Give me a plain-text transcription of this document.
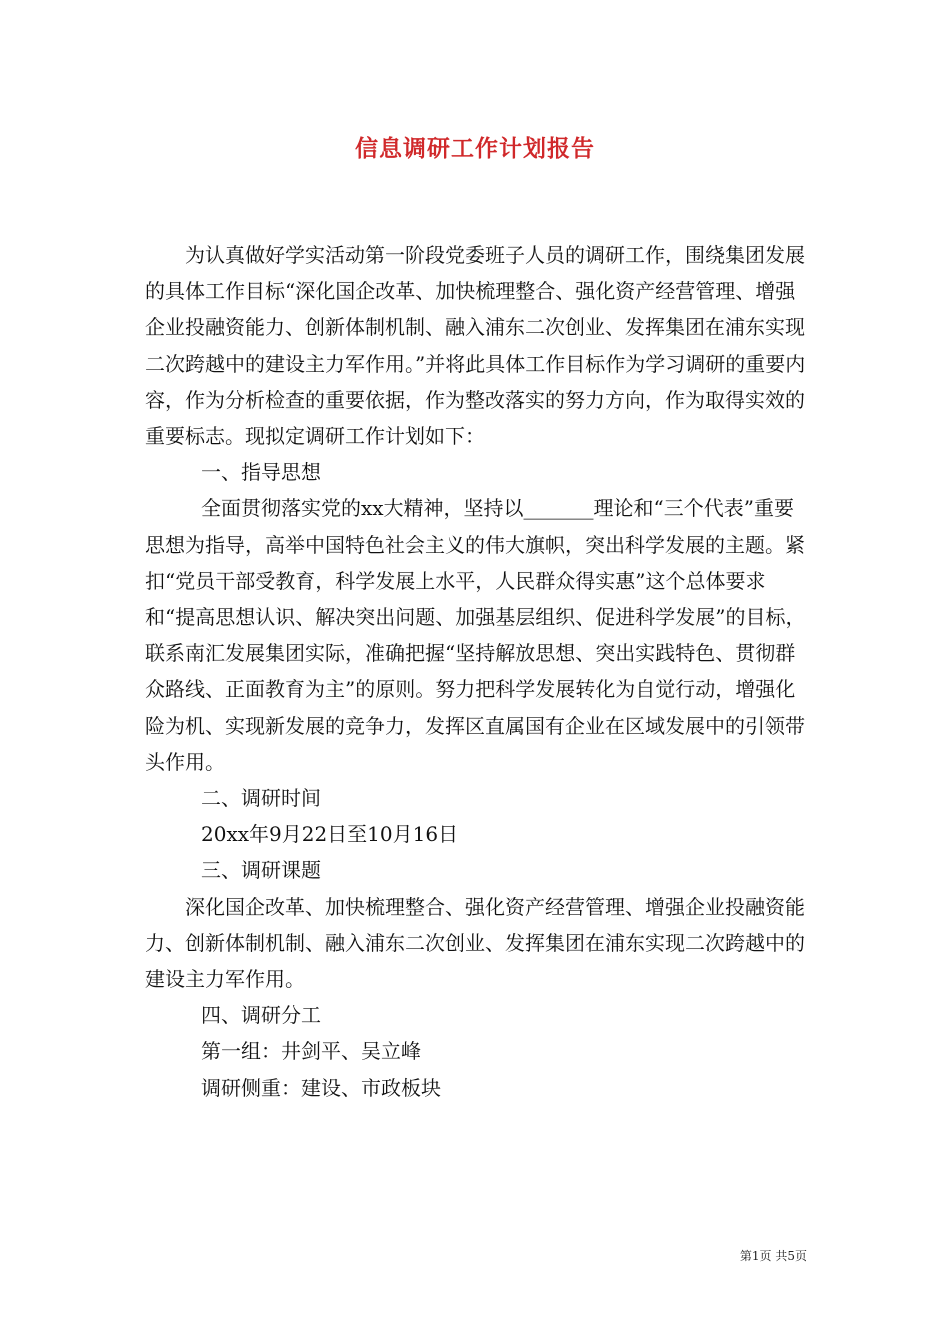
信息调研工作计划报告

为认真做好学实活动第一阶段党委班子人员的调研工作，围绕集团发展的具体工作目标“深化国企改革、加快梳理整合、强化资产经营管理、增强企业投融资能力、创新体制机制、融入浦东二次创业、发挥集团在浦东实现二次跨越中的建设主力军作用。”并将此具体工作目标作为学习调研的重要内容，作为分析检查的重要依据，作为整改落实的努力方向，作为取得实效的重要标志。现拟定调研工作计划如下：

一、指导思想

全面贯彻落实党的xx大精神，坚持以_______理论和“三个代表”重要思想为指导，高举中国特色社会主义的伟大旗帜，突出科学发展的主题。紧扣“党员干部受教育，科学发展上水平，人民群众得实惠”这个总体要求和“提高思想认识、解决突出问题、加强基层组织、促进科学发展”的目标，联系南汇发展集团实际，准确把握“坚持解放思想、突出实践特色、贯彻群众路线、正面教育为主”的原则。努力把科学发展转化为自觉行动，增强化险为机、实现新发展的竞争力，发挥区直属国有企业在区域发展中的引领带头作用。

二、调研时间

20xx年9月22日至10月16日

三、调研课题

深化国企改革、加快梳理整合、强化资产经营管理、增强企业投融资能力、创新体制机制、融入浦东二次创业、发挥集团在浦东实现二次跨越中的建设主力军作用。

四、调研分工

第一组：井剑平、吴立峰

调研侧重：建设、市政板块

第1页 共5页
